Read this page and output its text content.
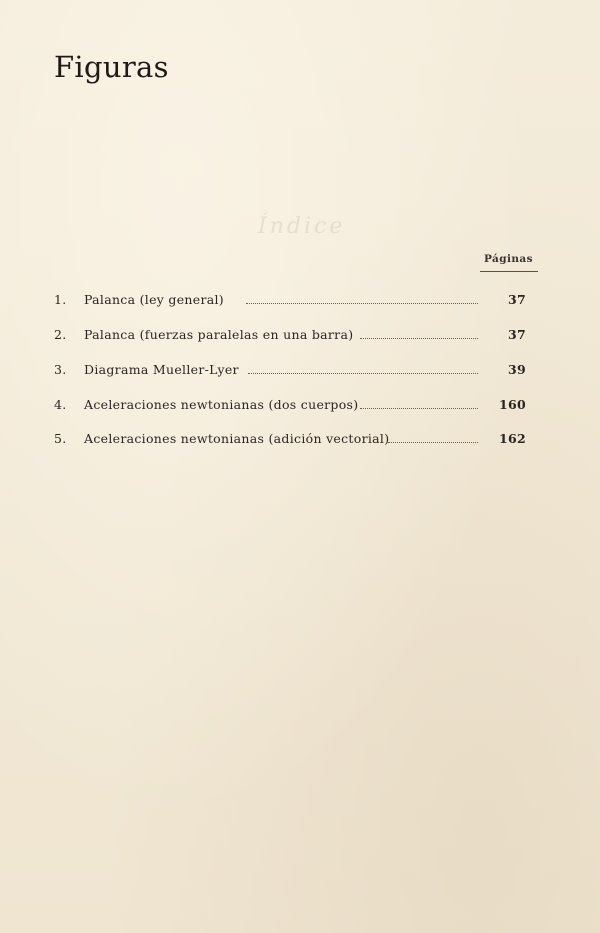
Figuras
Índice
Páginas
1. Palanca (ley general)	37
2. Palanca (fuerzas paralelas en una barra)	37
3. Diagrama Mueller-Lyer	39
4. Aceleraciones newtonianas (dos cuerpos)	160
5. Aceleraciones newtonianas (adición vectorial)	162
